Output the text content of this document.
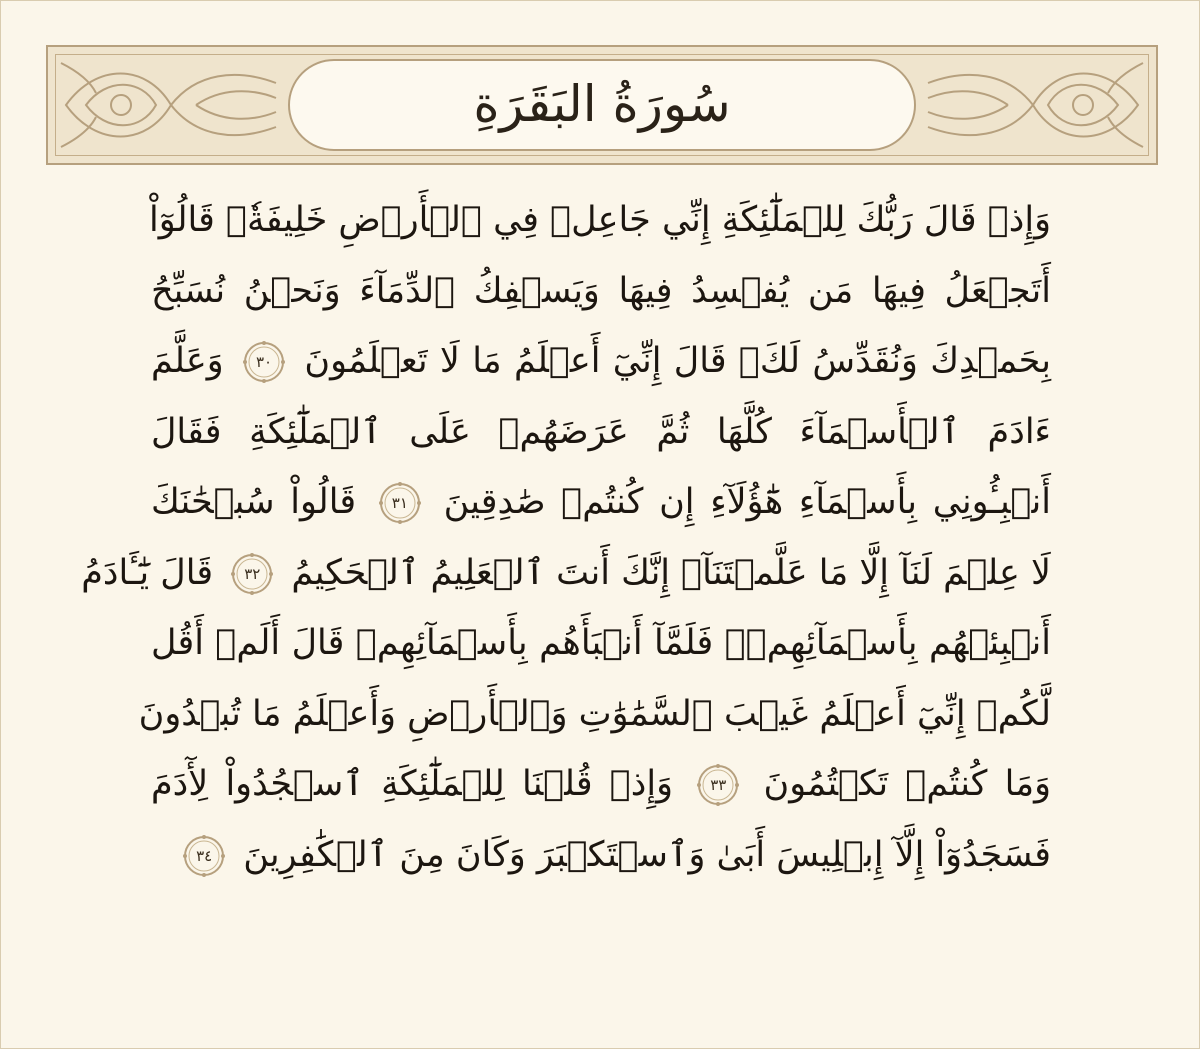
سُورَةُ البَقَرَةِ
وَإِذۡ قَالَ رَبُّكَ لِلۡمَلَٰٓئِكَةِ إِنِّي جَاعِلٞ فِي ٱلۡأَرۡضِ خَلِيفَةٗۖ قَالُوٓاْ
أَتَجۡعَلُ فِيهَا مَن يُفۡسِدُ فِيهَا وَيَسۡفِكُ ٱلدِّمَآءَ وَنَحۡنُ نُسَبِّحُ
بِحَمۡدِكَ وَنُقَدِّسُ لَكَۖ قَالَ إِنِّيٓ أَعۡلَمُ مَا لَا تَعۡلَمُونَ
٣٠
وَعَلَّمَ
ءَادَمَ ٱلۡأَسۡمَآءَ كُلَّهَا ثُمَّ عَرَضَهُمۡ عَلَى ٱلۡمَلَٰٓئِكَةِ فَقَالَ
أَنۢبِـُٔونِي بِأَسۡمَآءِ هَٰٓؤُلَآءِ إِن كُنتُمۡ صَٰدِقِينَ
٣١
قَالُواْ سُبۡحَٰنَكَ
لَا عِلۡمَ لَنَآ إِلَّا مَا عَلَّمۡتَنَآۖ إِنَّكَ أَنتَ ٱلۡعَلِيمُ ٱلۡحَكِيمُ
٣٢
قَالَ يَٰٓـَٔادَمُ
أَنۢبِئۡهُم بِأَسۡمَآئِهِمۡۖ فَلَمَّآ أَنۢبَأَهُم بِأَسۡمَآئِهِمۡ قَالَ أَلَمۡ أَقُل
لَّكُمۡ إِنِّيٓ أَعۡلَمُ غَيۡبَ ٱلسَّمَٰوَٰتِ وَٱلۡأَرۡضِ وَأَعۡلَمُ مَا تُبۡدُونَ
وَمَا كُنتُمۡ تَكۡتُمُونَ
٣٣
وَإِذۡ قُلۡنَا لِلۡمَلَٰٓئِكَةِ ٱسۡجُدُواْ لِأٓدَمَ
فَسَجَدُوٓاْ إِلَّآ إِبۡلِيسَ أَبَىٰ وَٱسۡتَكۡبَرَ وَكَانَ مِنَ ٱلۡكَٰفِرِينَ
٣٤
